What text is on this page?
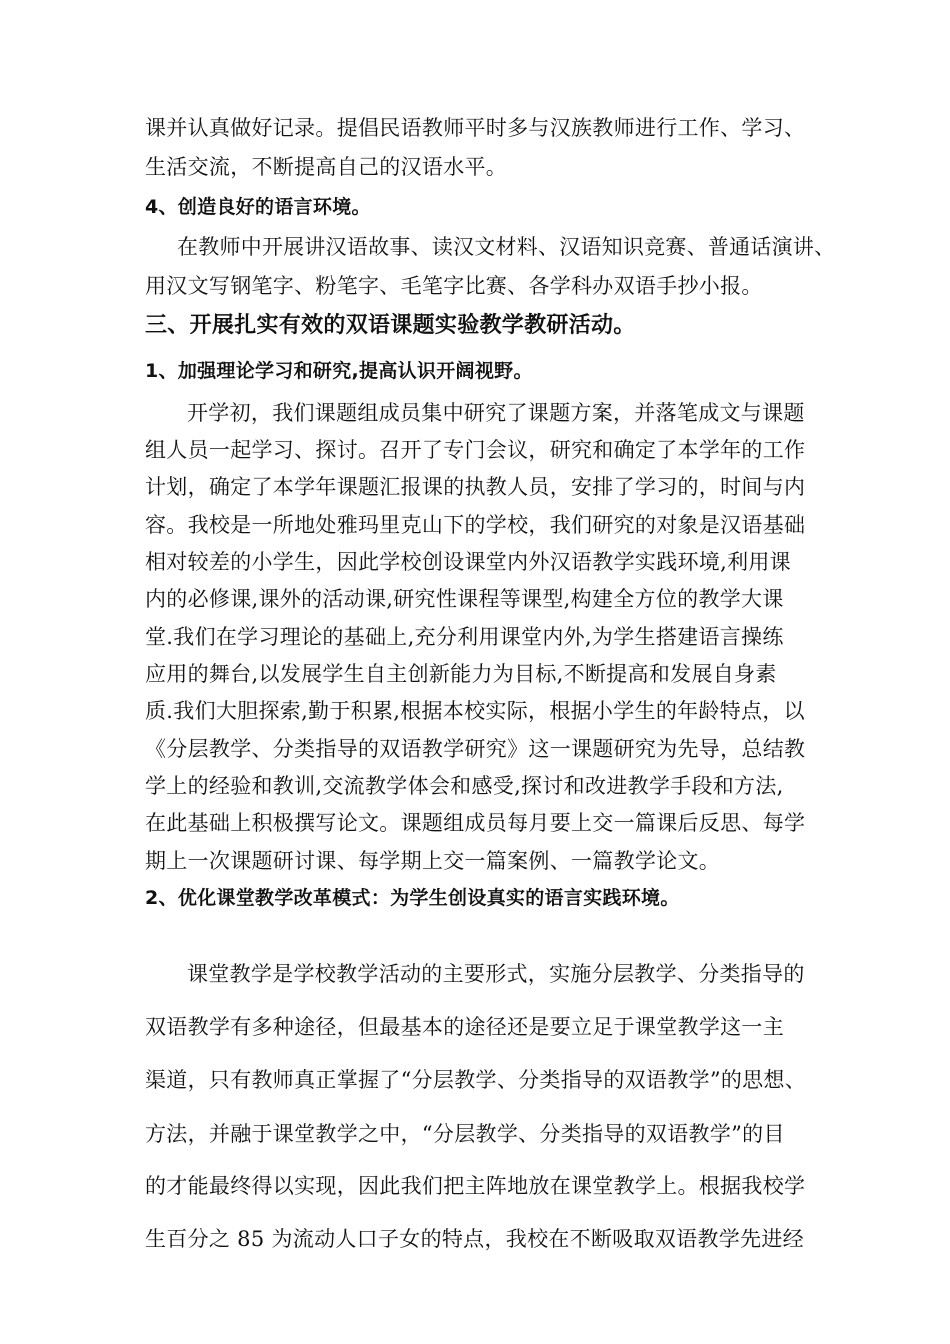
课并认真做好记录。提倡民语教师平时多与汉族教师进行工作、学习、
生活交流，不断提高自己的汉语水平。
4、创造良好的语言环境。
在教师中开展讲汉语故事、读汉文材料、汉语知识竞赛、普通话演讲、
用汉文写钢笔字、粉笔字、毛笔字比赛、各学科办双语手抄小报。
三、开展扎实有效的双语课题实验教学教研活动。
1、加强理论学习和研究,提高认识开阔视野。
开学初，我们课题组成员集中研究了课题方案，并落笔成文与课题
组人员一起学习、探讨。召开了专门会议，研究和确定了本学年的工作
计划，确定了本学年课题汇报课的执教人员，安排了学习的，时间与内
容。我校是一所地处雅玛里克山下的学校，我们研究的对象是汉语基础
相对较差的小学生，因此学校创设课堂内外汉语教学实践环境,利用课
内的必修课,课外的活动课,研究性课程等课型,构建全方位的教学大课
堂.我们在学习理论的基础上,充分利用课堂内外,为学生搭建语言操练
应用的舞台,以发展学生自主创新能力为目标,不断提高和发展自身素
质.我们大胆探索,勤于积累,根据本校实际，根据小学生的年龄特点，以
《分层教学、分类指导的双语教学研究》这一课题研究为先导，总结教
学上的经验和教训,交流教学体会和感受,探讨和改进教学手段和方法,
在此基础上积极撰写论文。课题组成员每月要上交一篇课后反思、每学
期上一次课题研讨课、每学期上交一篇案例、一篇教学论文。
2、优化课堂教学改革模式：为学生创设真实的语言实践环境。
课堂教学是学校教学活动的主要形式，实施分层教学、分类指导的
双语教学有多种途径，但最基本的途径还是要立足于课堂教学这一主
渠道，只有教师真正掌握了“分层教学、分类指导的双语教学”的思想、
方法，并融于课堂教学之中，“分层教学、分类指导的双语教学”的目
的才能最终得以实现，因此我们把主阵地放在课堂教学上。根据我校学
生百分之 85 为流动人口子女的特点，我校在不断吸取双语教学先进经
